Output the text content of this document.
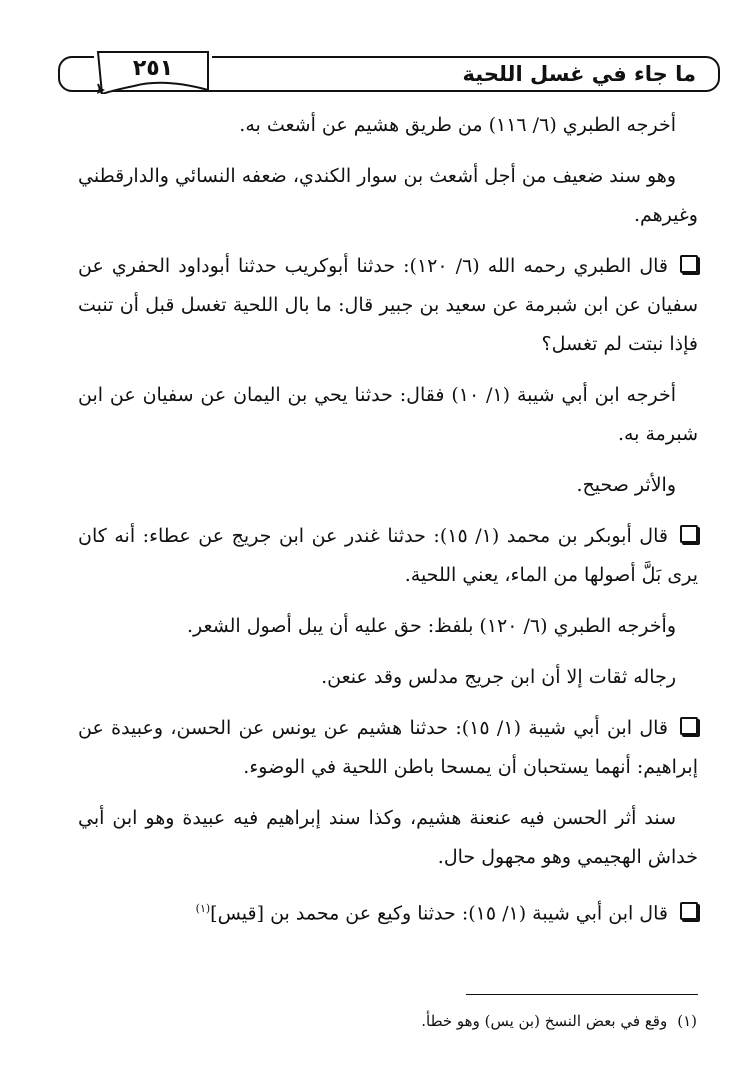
ما جاء في غسل اللحية
٢٥١

أخرجه الطبري (٦/ ١١٦) من طريق هشيم عن أشعث به.

وهو سند ضعيف من أجل أشعث بن سوار الكندي، ضعفه النسائي والدارقطني وغيرهم.

قال الطبري رحمه الله (٦/ ١٢٠): حدثنا أبوكريب حدثنا أبوداود الحفري عن سفيان عن ابن شبرمة عن سعيد بن جبير قال: ما بال اللحية تغسل قبل أن تنبت فإذا نبتت لم تغسل؟

أخرجه ابن أبي شيبة (١/ ١٠) فقال: حدثنا يحي بن اليمان عن سفيان عن ابن شبرمة به.

والأثر صحيح.

قال أبوبكر بن محمد (١/ ١٥): حدثنا غندر عن ابن جريج عن عطاء: أنه كان يرى بَلَّ أصولها من الماء، يعني اللحية.

وأخرجه الطبري (٦/ ١٢٠) بلفظ: حق عليه أن يبل أصول الشعر.

رجاله ثقات إلا أن ابن جريج مدلس وقد عنعن.

قال ابن أبي شيبة (١/ ١٥): حدثنا هشيم عن يونس عن الحسن، وعبيدة عن إبراهيم: أنهما يستحبان أن يمسحا باطن اللحية في الوضوء.

سند أثر الحسن فيه عنعنة هشيم، وكذا سند إبراهيم فيه عبيدة وهو ابن أبي خداش الهجيمي وهو مجهول حال.

قال ابن أبي شيبة (١/ ١٥): حدثنا وكيع عن محمد بن [قيس]$^{(١)}$

(١)وقع في بعض النسخ (بن يس) وهو خطأ.
